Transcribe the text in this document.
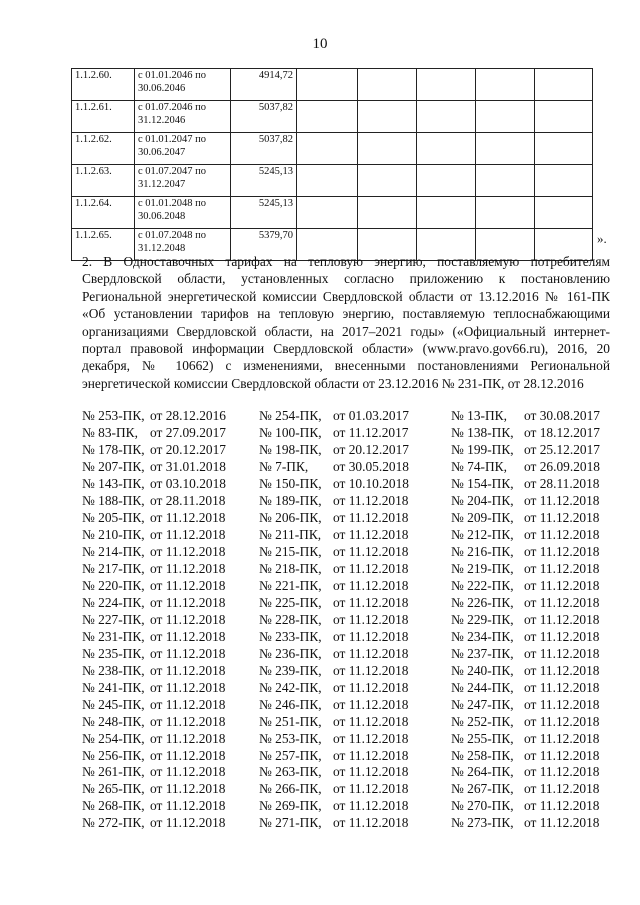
10
1.1.2.60.	с 01.01.2046 по 30.06.2046	4914,72					
1.1.2.61.	с 01.07.2046 по 31.12.2046	5037,82					
1.1.2.62.	с 01.01.2047 по 30.06.2047	5037,82					
1.1.2.63.	с 01.07.2047 по 31.12.2047	5245,13					
1.1.2.64.	с 01.01.2048 по 30.06.2048	5245,13					
1.1.2.65.	с 01.07.2048 по 31.12.2048	5379,70						».
2. В Одноставочных тарифах на тепловую энергию, поставляемую потребителям Свердловской области, установленных согласно приложению к постановлению Региональной энергетической комиссии Свердловской области от 13.12.2016 № 161-ПК «Об установлении тарифов на тепловую энергию, поставляемую теплоснабжающими организациями Свердловской области, на 2017–2021 годы» («Официальный интернет-портал правовой информации Свердловской области» (www.pravo.gov66.ru), 2016, 20 декабря, № 10662) с изменениями, внесенными постановлениями Региональной энергетической комиссии Свердловской области от 23.12.2016 № 231-ПК, от 28.12.2016
№ 253-ПК,	от 28.12.2016	№ 254-ПК,	от 01.03.2017	№ 13-ПК,	от 30.08.2017
№ 83-ПК,	от 27.09.2017	№ 100-ПК,	от 11.12.2017	№ 138-ПК,	от 18.12.2017
№ 178-ПК,	от 20.12.2017	№ 198-ПК,	от 20.12.2017	№ 199-ПК,	от 25.12.2017
№ 207-ПК,	от 31.01.2018	№ 7-ПК,	от 30.05.2018	№ 74-ПК,	от 26.09.2018
№ 143-ПК,	от 03.10.2018	№ 150-ПК,	от 10.10.2018	№ 154-ПК,	от 28.11.2018
№ 188-ПК,	от 28.11.2018	№ 189-ПК,	от 11.12.2018	№ 204-ПК,	от 11.12.2018
№ 205-ПК,	от 11.12.2018	№ 206-ПК,	от 11.12.2018	№ 209-ПК,	от 11.12.2018
№ 210-ПК,	от 11.12.2018	№ 211-ПК,	от 11.12.2018	№ 212-ПК,	от 11.12.2018
№ 214-ПК,	от 11.12.2018	№ 215-ПК,	от 11.12.2018	№ 216-ПК,	от 11.12.2018
№ 217-ПК,	от 11.12.2018	№ 218-ПК,	от 11.12.2018	№ 219-ПК,	от 11.12.2018
№ 220-ПК,	от 11.12.2018	№ 221-ПК,	от 11.12.2018	№ 222-ПК,	от 11.12.2018
№ 224-ПК,	от 11.12.2018	№ 225-ПК,	от 11.12.2018	№ 226-ПК,	от 11.12.2018
№ 227-ПК,	от 11.12.2018	№ 228-ПК,	от 11.12.2018	№ 229-ПК,	от 11.12.2018
№ 231-ПК,	от 11.12.2018	№ 233-ПК,	от 11.12.2018	№ 234-ПК,	от 11.12.2018
№ 235-ПК,	от 11.12.2018	№ 236-ПК,	от 11.12.2018	№ 237-ПК,	от 11.12.2018
№ 238-ПК,	от 11.12.2018	№ 239-ПК,	от 11.12.2018	№ 240-ПК,	от 11.12.2018
№ 241-ПК,	от 11.12.2018	№ 242-ПК,	от 11.12.2018	№ 244-ПК,	от 11.12.2018
№ 245-ПК,	от 11.12.2018	№ 246-ПК,	от 11.12.2018	№ 247-ПК,	от 11.12.2018
№ 248-ПК,	от 11.12.2018	№ 251-ПК,	от 11.12.2018	№ 252-ПК,	от 11.12.2018
№ 254-ПК,	от 11.12.2018	№ 253-ПК,	от 11.12.2018	№ 255-ПК,	от 11.12.2018
№ 256-ПК,	от 11.12.2018	№ 257-ПК,	от 11.12.2018	№ 258-ПК,	от 11.12.2018
№ 261-ПК,	от 11.12.2018	№ 263-ПК,	от 11.12.2018	№ 264-ПК,	от 11.12.2018
№ 265-ПК,	от 11.12.2018	№ 266-ПК,	от 11.12.2018	№ 267-ПК,	от 11.12.2018
№ 268-ПК,	от 11.12.2018	№ 269-ПК,	от 11.12.2018	№ 270-ПК,	от 11.12.2018
№ 272-ПК,	от 11.12.2018	№ 271-ПК,	от 11.12.2018	№ 273-ПК,	от 11.12.2018
